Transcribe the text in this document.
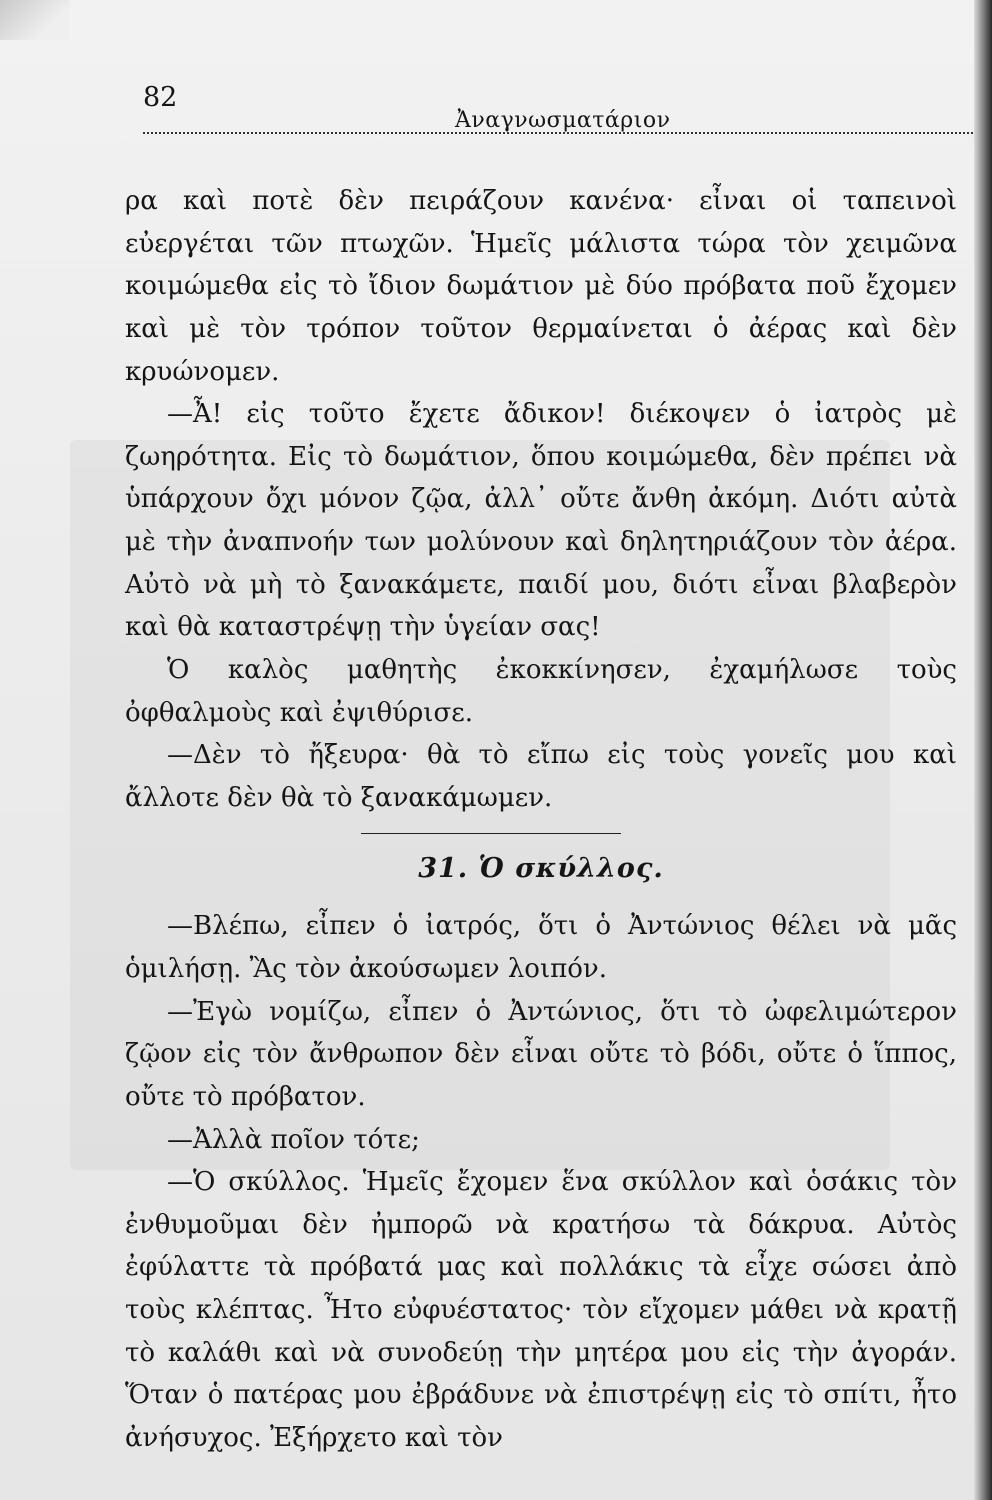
82
Ἀναγνωσματάριον

ρα καὶ ποτὲ δὲν πειράζουν κανένα· εἶναι οἱ ταπεινοὶ εὐεργέται τῶν πτωχῶν. Ἡμεῖς μάλιστα τώρα τὸν χειμῶνα κοιμώμεθα εἰς τὸ ἴδιον δωμάτιον μὲ δύο πρόβατα ποῦ ἔχομεν καὶ μὲ τὸν τρόπον τοῦτον θερμαίνεται ὁ ἀέρας καὶ δὲν κρυώνομεν.

—Ἆ! εἰς τοῦτο ἔχετε ἄδικον! διέκοψεν ὁ ἰατρὸς μὲ ζωηρότητα. Εἰς τὸ δωμάτιον, ὅπου κοιμώμεθα, δὲν πρέπει νὰ ὑπάρχουν ὄχι μόνον ζῷα, ἀλλ᾽ οὔτε ἄνθη ἀκόμη. Διότι αὐτὰ μὲ τὴν ἀναπνοήν των μολύνουν καὶ δηλητηριάζουν τὸν ἀέρα. Αὐτὸ νὰ μὴ τὸ ξανακάμετε, παιδί μου, διότι εἶναι βλαβερὸν καὶ θὰ καταστρέψῃ τὴν ὑγείαν σας!

Ὁ καλὸς μαθητὴς ἐκοκκίνησεν, ἐχαμήλωσε τοὺς ὀφθαλμοὺς καὶ ἐψιθύρισε.

—Δὲν τὸ ἤξευρα· θὰ τὸ εἴπω εἰς τοὺς γονεῖς μου καὶ ἄλλοτε δὲν θὰ τὸ ξανακάμωμεν.

31. Ὁ σκύλλος.

—Βλέπω, εἶπεν ὁ ἰατρός, ὅτι ὁ Ἀντώνιος θέλει νὰ μᾶς ὁμιλήσῃ. Ἂς τὸν ἀκούσωμεν λοιπόν.

—Ἐγὼ νομίζω, εἶπεν ὁ Ἀντώνιος, ὅτι τὸ ὠφελιμώτερον ζῷον εἰς τὸν ἄνθρωπον δὲν εἶναι οὔτε τὸ βόδι, οὔτε ὁ ἵππος, οὔτε τὸ πρόβατον.

—Ἀλλὰ ποῖον τότε;

—Ὁ σκύλλος. Ἡμεῖς ἔχομεν ἕνα σκύλλον καὶ ὁσάκις τὸν ἐνθυμοῦμαι δὲν ἠμπορῶ νὰ κρατήσω τὰ δάκρυα. Αὐτὸς ἐφύλαττε τὰ πρόβατά μας καὶ πολλάκις τὰ εἶχε σώσει ἀπὸ τοὺς κλέπτας. Ἦτο εὐφυέστατος· τὸν εἴχομεν μάθει νὰ κρατῇ τὸ καλάθι καὶ νὰ συνοδεύῃ τὴν μητέρα μου εἰς τὴν ἀγοράν. Ὅταν ὁ πατέρας μου ἐβράδυνε νὰ ἐπιστρέψῃ εἰς τὸ σπίτι, ἦτο ἀνήσυχος. Ἐξήρχετο καὶ τὸν
